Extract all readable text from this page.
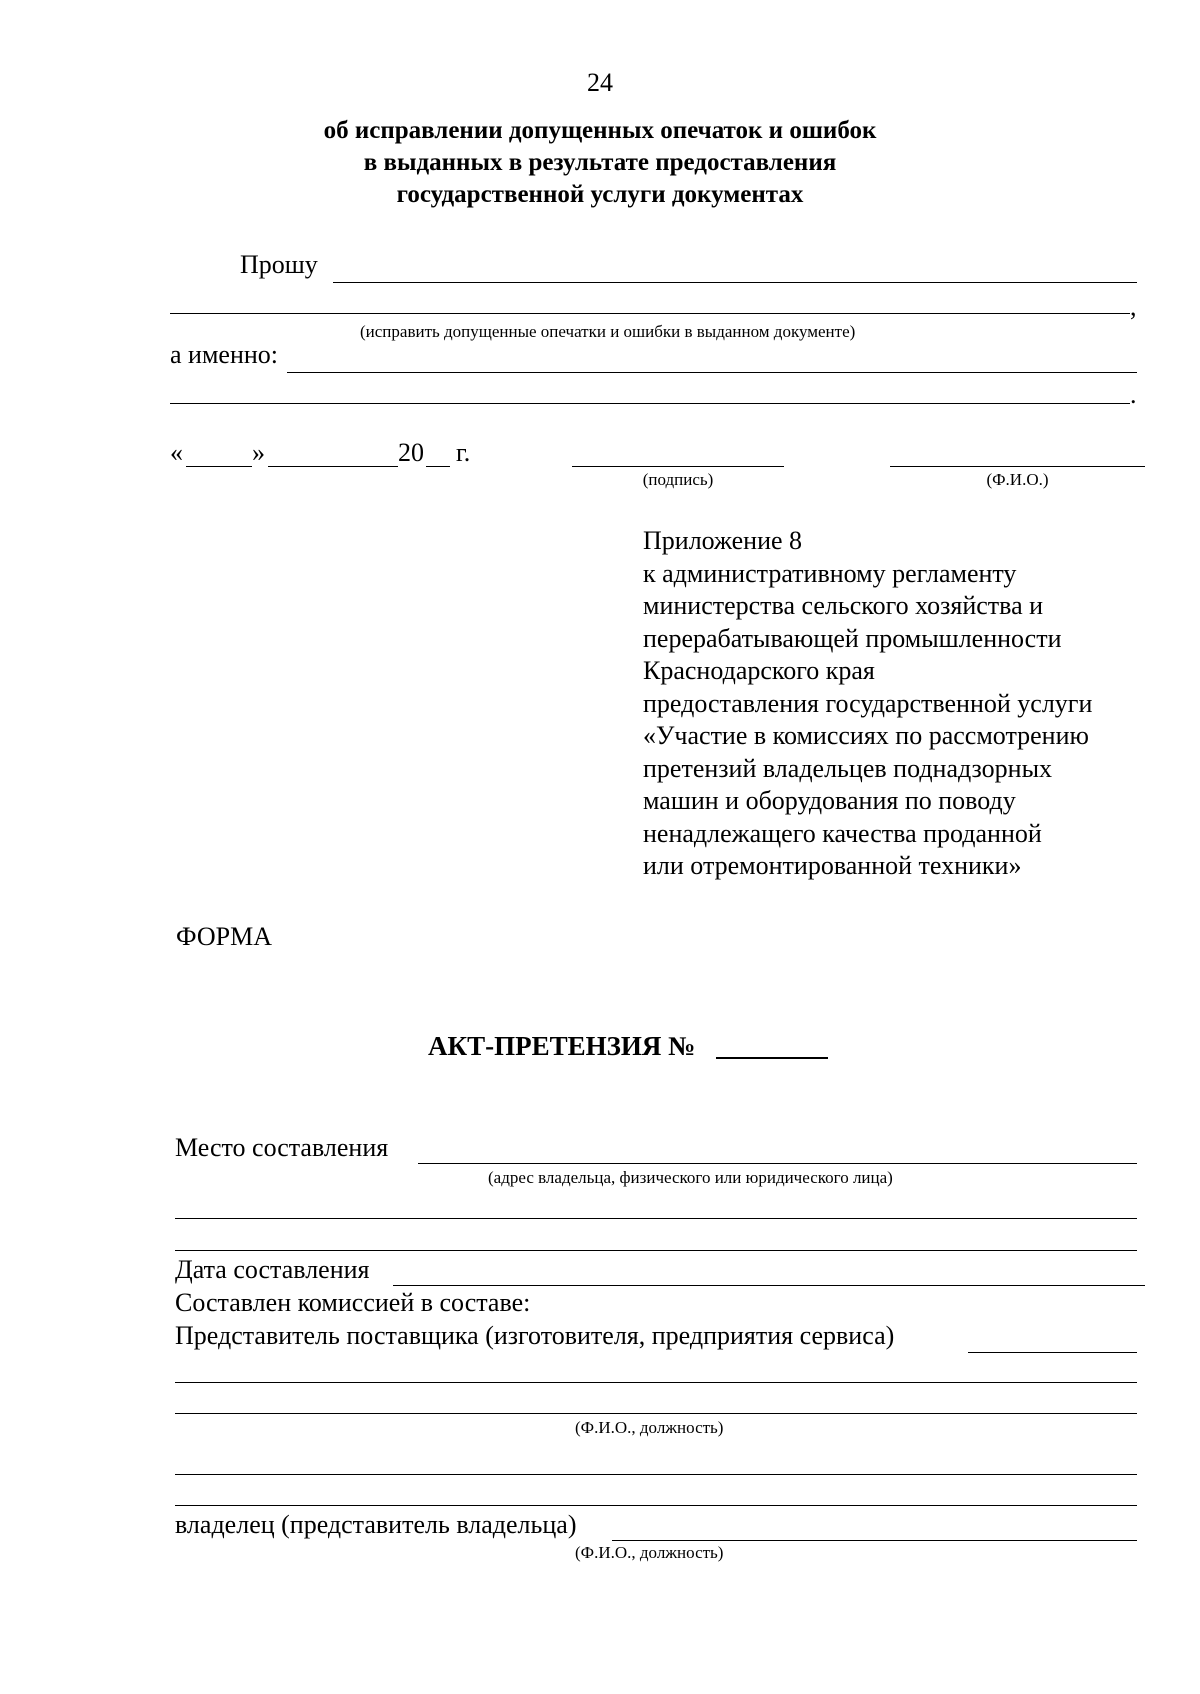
24
об исправлении допущенных опечаток и ошибок
в выданных в результате предоставления
государственной услуги документах
Прошу
,
(исправить допущенные опечатки и ошибки в выданном документе)
а именно:
.
«	»	20 г.
(подпись)	(Ф.И.О.)
Приложение 8
к административному регламенту
министерства сельского хозяйства и
перерабатывающей промышленности
Краснодарского края
предоставления государственной услуги
«Участие в комиссиях по рассмотрению
претензий владельцев поднадзорных
машин и оборудования по поводу
ненадлежащего качества проданной
или отремонтированной техники»
ФОРМА
АКТ-ПРЕТЕНЗИЯ №
Место составления
(адрес владельца, физического или юридического лица)
Дата составления
Составлен комиссией в составе:
Представитель поставщика (изготовителя, предприятия сервиса)
(Ф.И.О., должность)
владелец (представитель владельца)
(Ф.И.О., должность)
